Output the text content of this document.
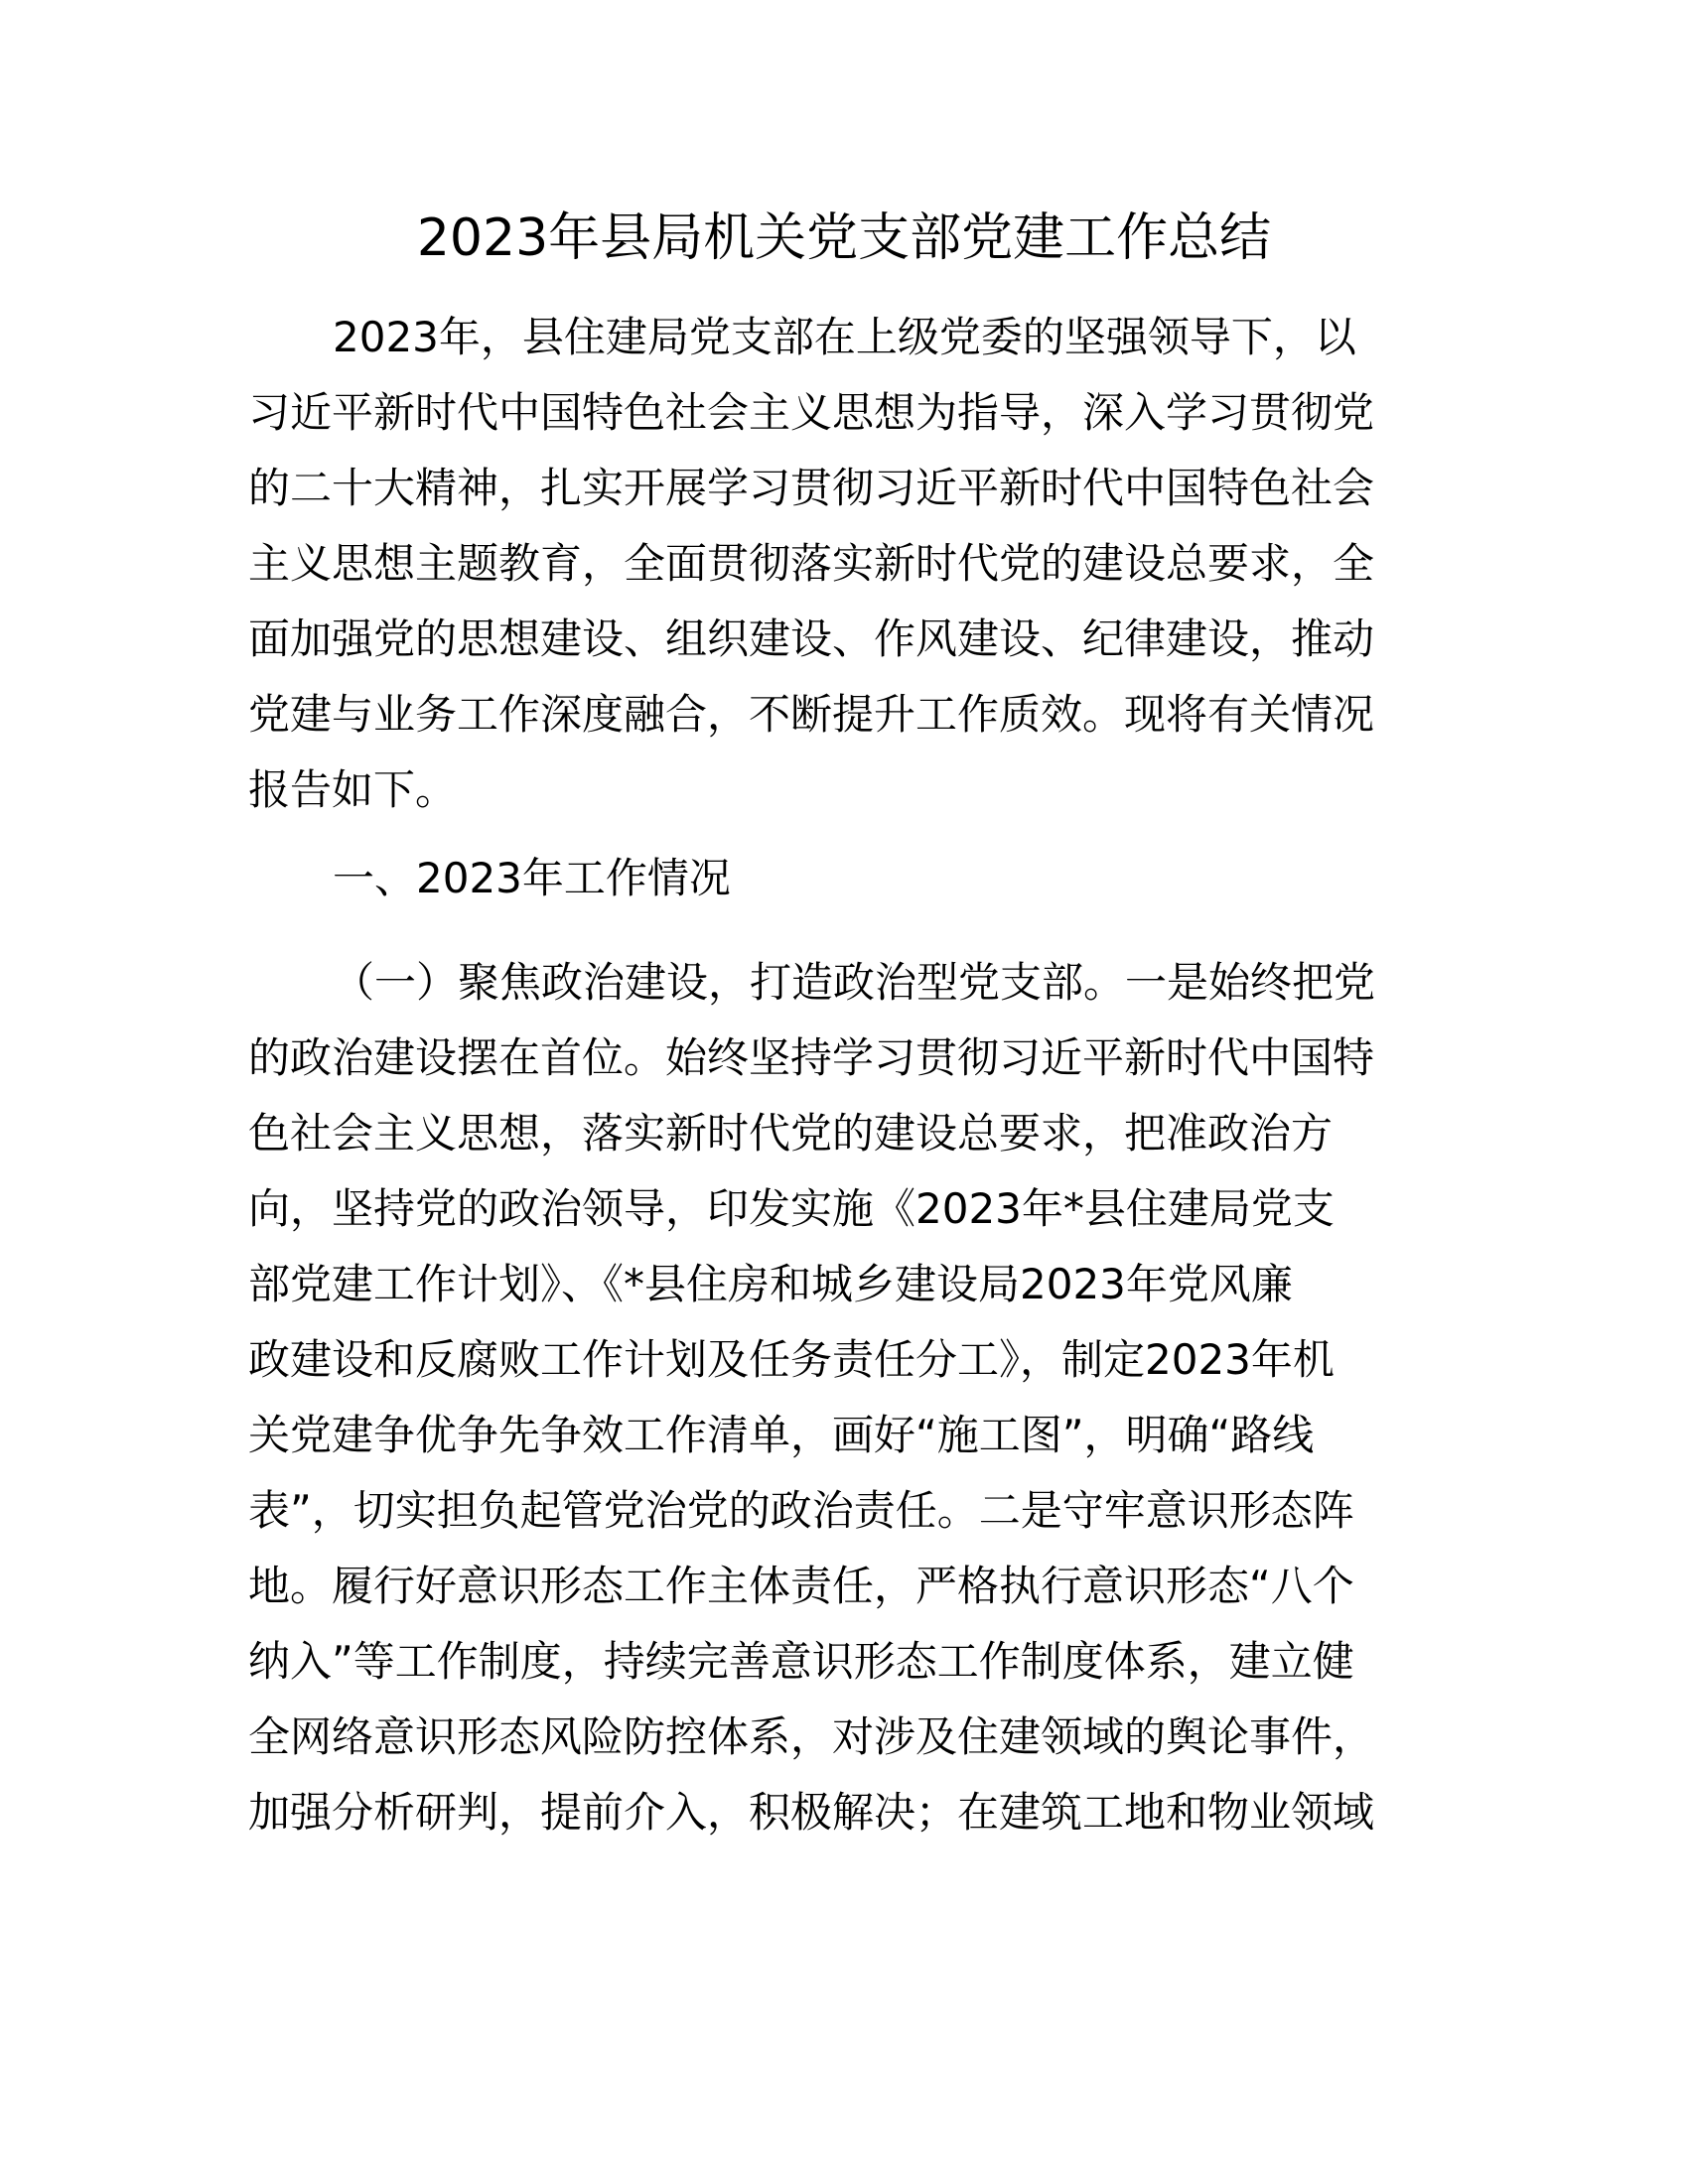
2023年县局机关党支部党建工作总结

2023年，县住建局党支部在上级党委的坚强领导下，以

习近平新时代中国特色社会主义思想为指导，深入学习贯彻党

的二十大精神，扎实开展学习贯彻习近平新时代中国特色社会

主义思想主题教育，全面贯彻落实新时代党的建设总要求，全

面加强党的思想建设、组织建设、作风建设、纪律建设，推动

党建与业务工作深度融合，不断提升工作质效。现将有关情况

报告如下。

一、2023年工作情况

（一）聚焦政治建设，打造政治型党支部。一是始终把党

的政治建设摆在首位。始终坚持学习贯彻习近平新时代中国特

色社会主义思想，落实新时代党的建设总要求，把准政治方

向，坚持党的政治领导，印发实施《2023年*县住建局党支

部党建工作计划》、《*县住房和城乡建设局2023年党风廉

政建设和反腐败工作计划及任务责任分工》，制定2023年机

关党建争优争先争效工作清单，画好“施工图”，明确“路线

表”，切实担负起管党治党的政治责任。二是守牢意识形态阵

地。履行好意识形态工作主体责任，严格执行意识形态“八个

纳入”等工作制度，持续完善意识形态工作制度体系，建立健

全网络意识形态风险防控体系，对涉及住建领域的舆论事件，

加强分析研判，提前介入，积极解决；在建筑工地和物业领域
